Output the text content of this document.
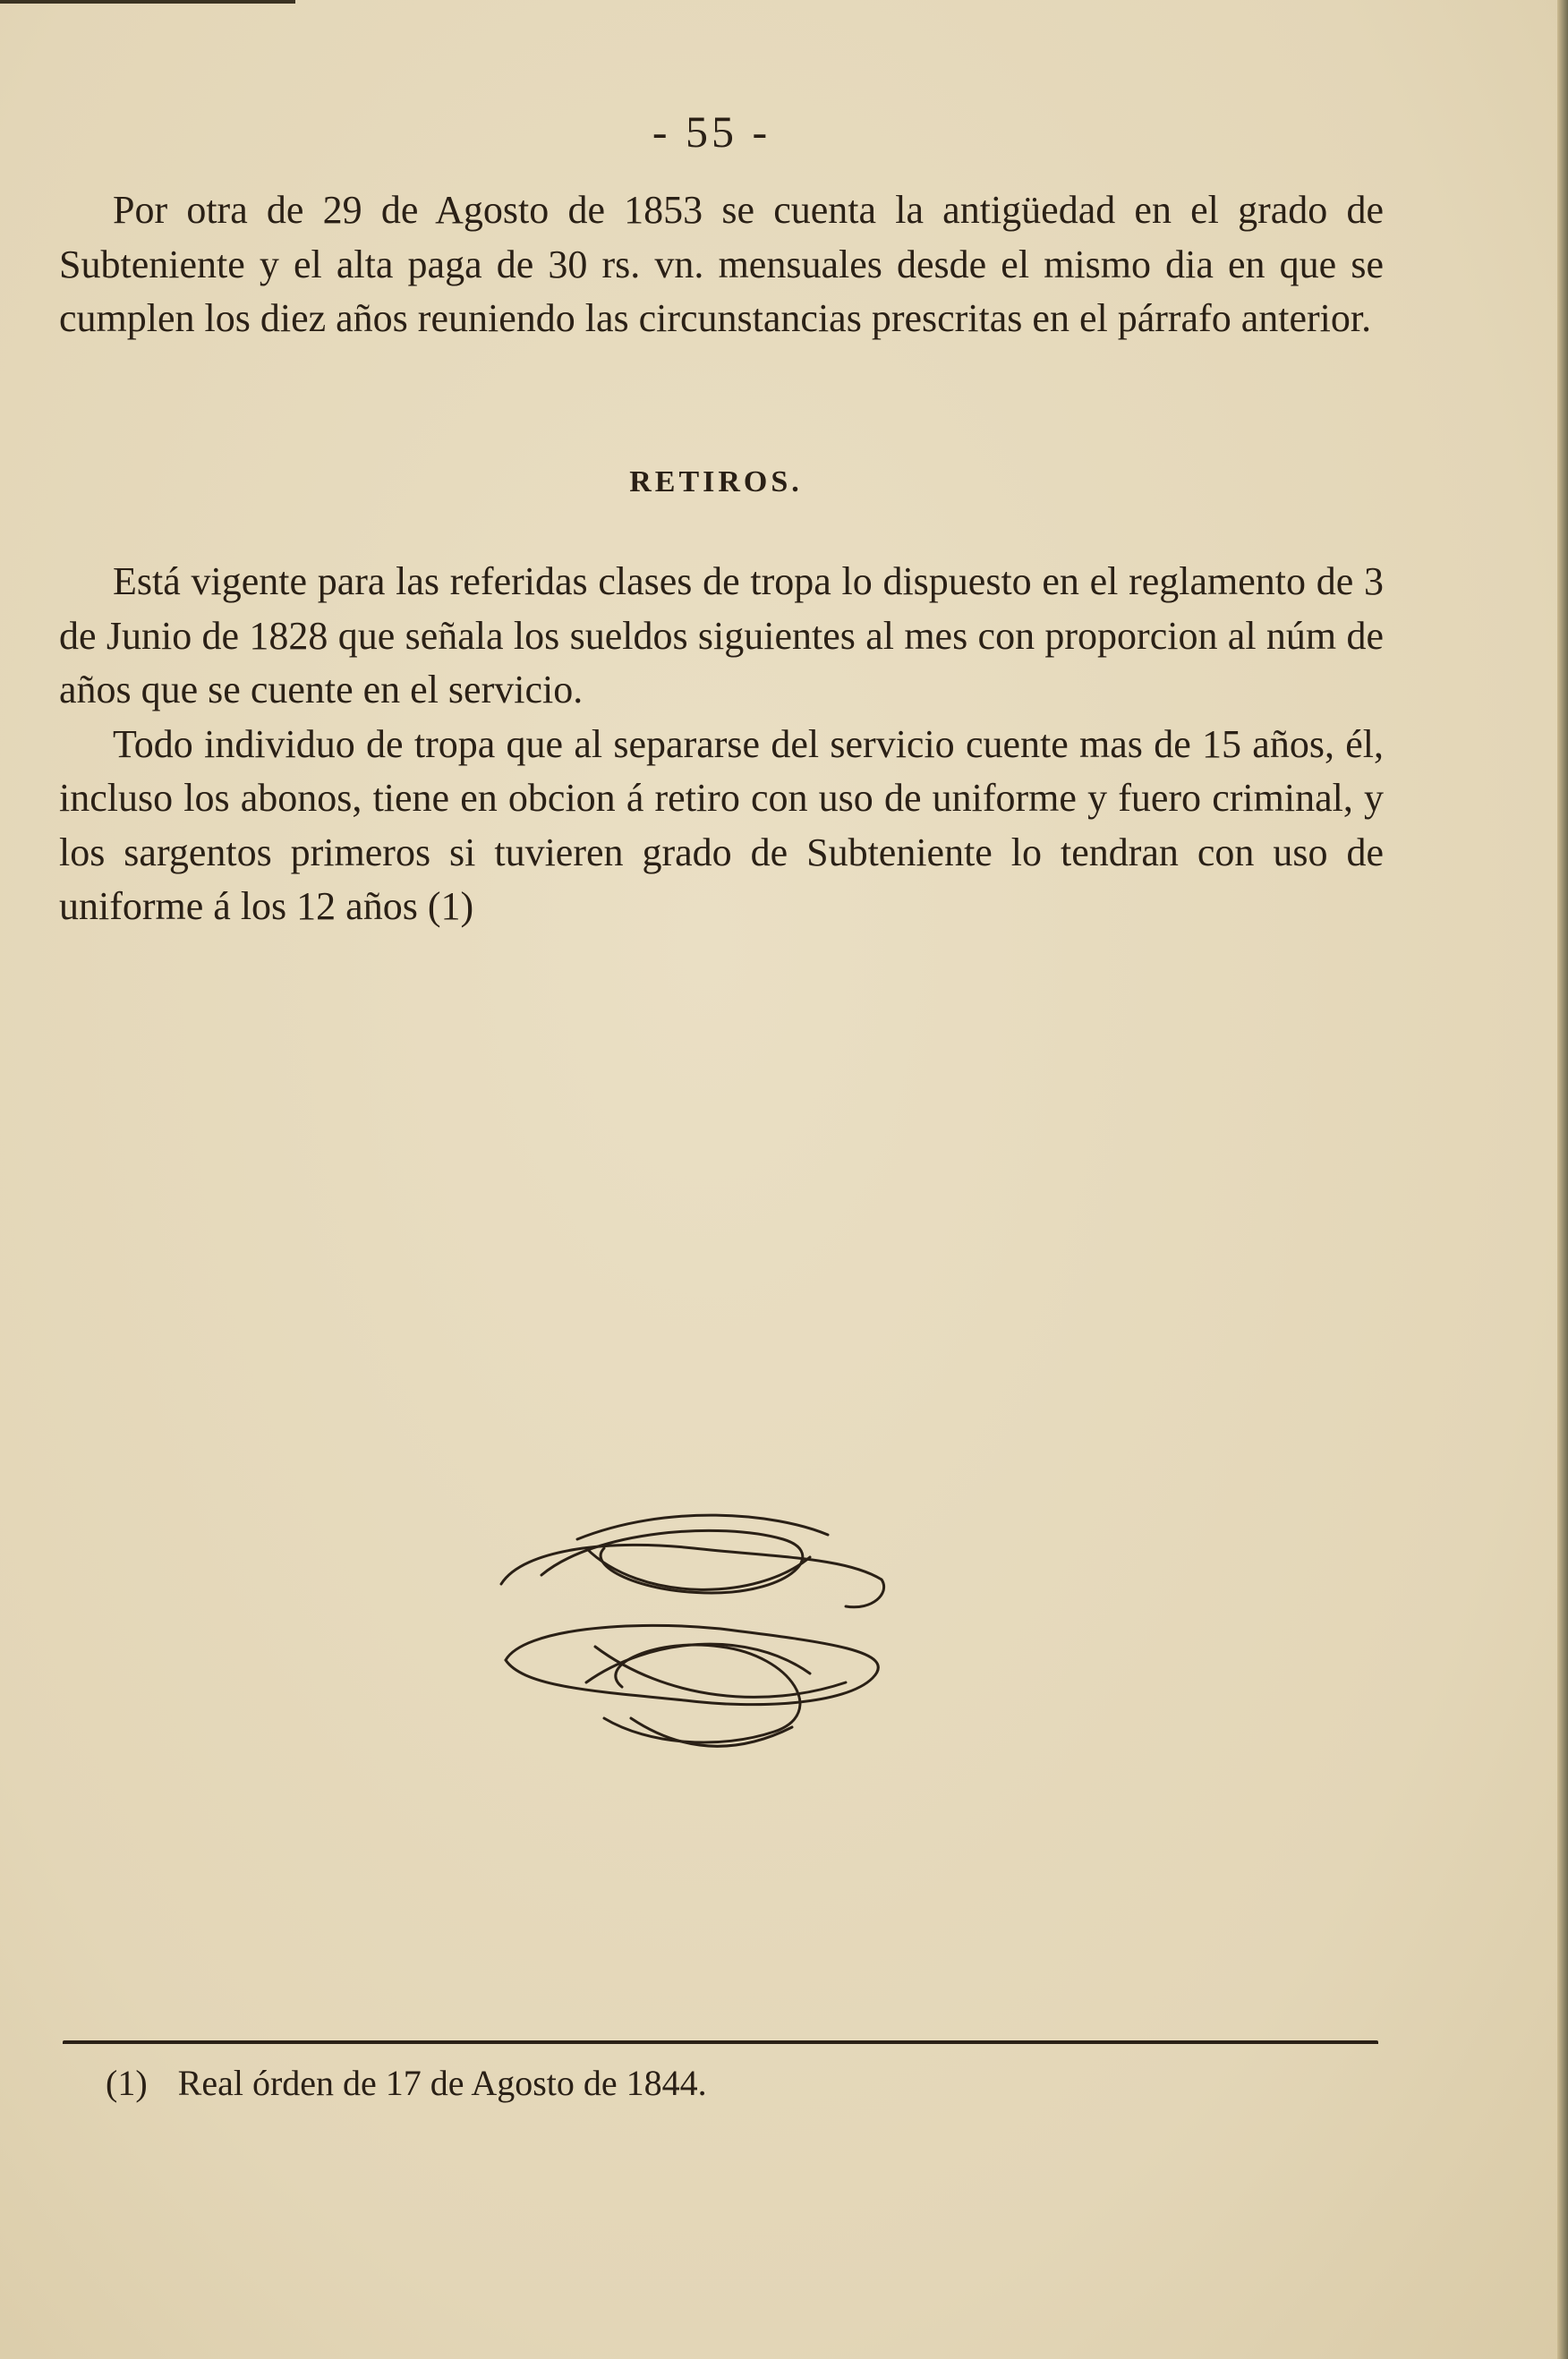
- 55 -

Por otra de 29 de Agosto de 1853 se cuenta la antigüedad en el grado de Subteniente y el alta paga de 30 rs. vn. mensuales desde el mismo dia en que se cumplen los diez años reuniendo las circunstancias prescritas en el párrafo anterior.

RETIROS.

Está vigente para las referidas clases de tropa lo dispuesto en el reglamento de 3 de Junio de 1828 que señala los sueldos siguientes al mes con proporcion al núm de años que se cuente en el servicio.

Todo individuo de tropa que al separarse del servicio cuente mas de 15 años, él, incluso los abonos, tiene en obcion á retiro con uso de uniforme y fuero criminal, y los sargentos primeros si tuvieren grado de Subteniente lo tendran con uso de uniforme á los 12 años (1)

(1) Real órden de 17 de Agosto de 1844.
